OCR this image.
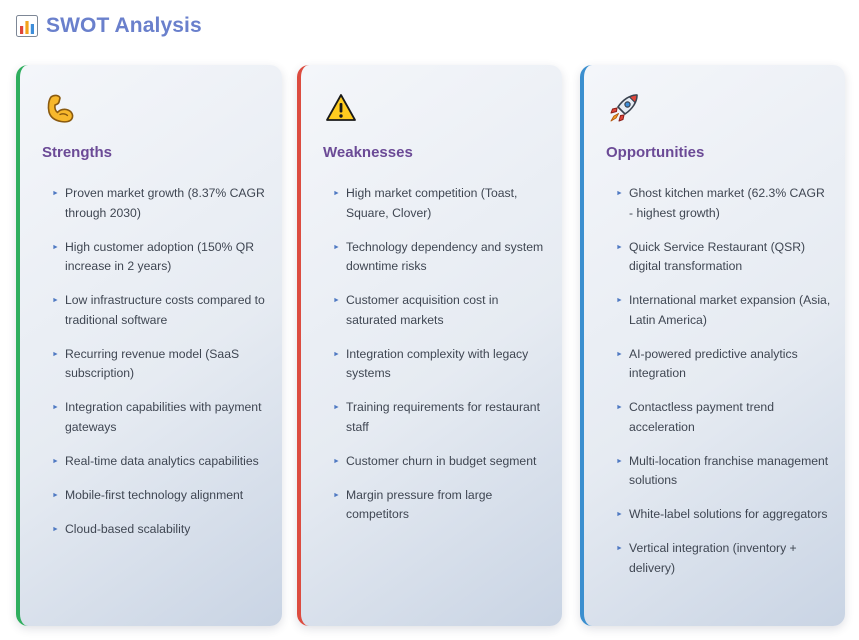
SWOT Analysis
Strengths
► Proven market growth (8.37% CAGR through 2030)
► High customer adoption (150% QR increase in 2 years)
► Low infrastructure costs compared to traditional software
► Recurring revenue model (SaaS subscription)
► Integration capabilities with payment gateways
► Real-time data analytics capabilities
► Mobile-first technology alignment
► Cloud-based scalability
Weaknesses
► High market competition (Toast, Square, Clover)
► Technology dependency and system downtime risks
► Customer acquisition cost in saturated markets
► Integration complexity with legacy systems
► Training requirements for restaurant staff
► Customer churn in budget segment
► Margin pressure from large competitors
Opportunities
► Ghost kitchen market (62.3% CAGR - highest growth)
► Quick Service Restaurant (QSR) digital transformation
► International market expansion (Asia, Latin America)
► AI-powered predictive analytics integration
► Contactless payment trend acceleration
► Multi-location franchise management solutions
► White-label solutions for aggregators
► Vertical integration (inventory + delivery)
